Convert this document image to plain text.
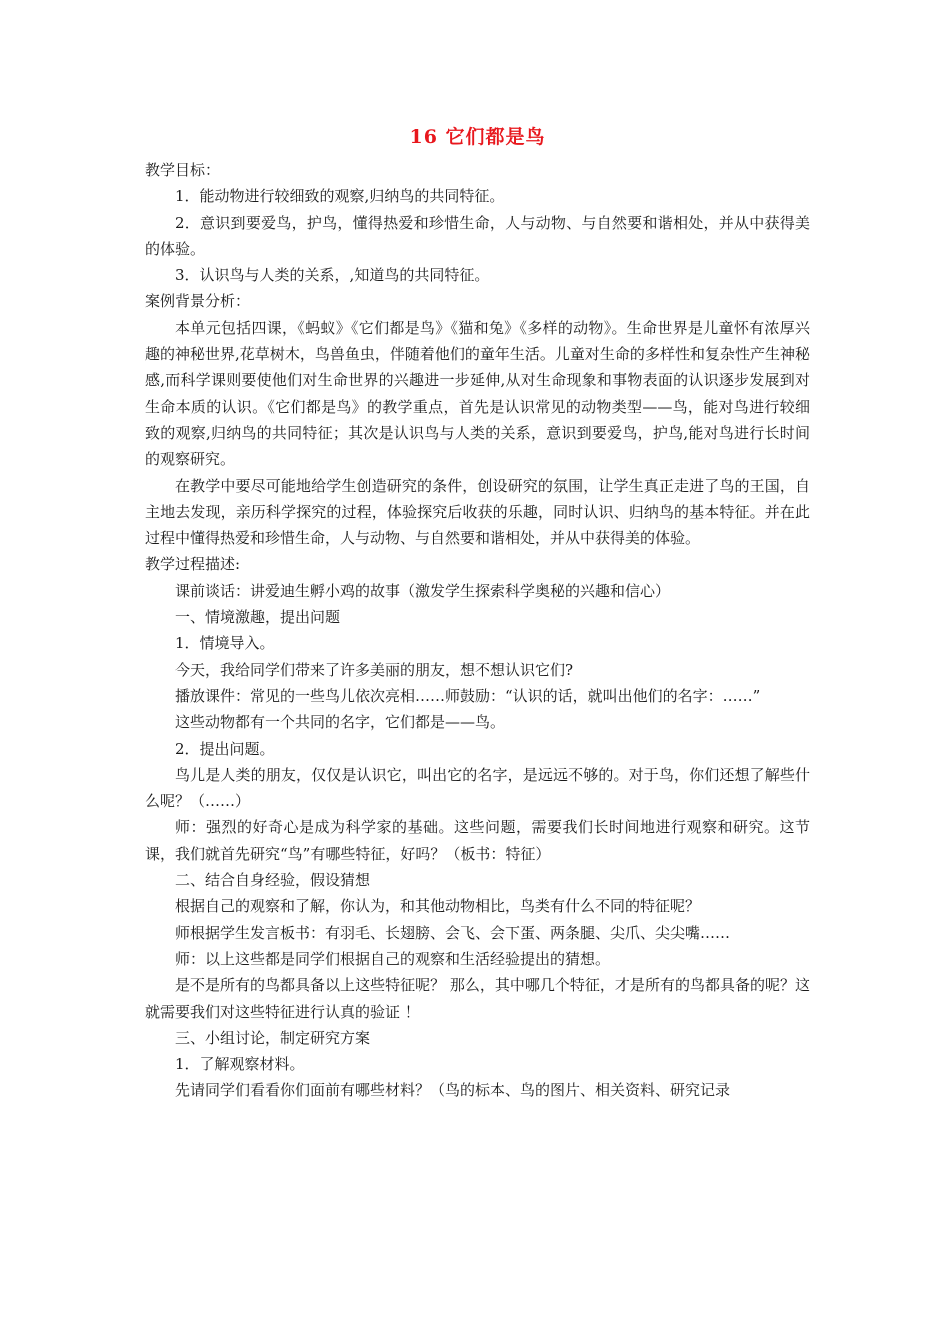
16 它们都是鸟

教学目标：

1．能动物进行较细致的观察,归纳鸟的共同特征。

2．意识到要爱鸟，护鸟，懂得热爱和珍惜生命，人与动物、与自然要和谐相处，并从中获得美的体验。

3．认识鸟与人类的关系，,知道鸟的共同特征。

案例背景分析：

本单元包括四课，《蚂蚁》《它们都是鸟》《猫和兔》《多样的动物》。生命世界是儿童怀有浓厚兴趣的神秘世界,花草树木，鸟兽鱼虫，伴随着他们的童年生活。儿童对生命的多样性和复杂性产生神秘感,而科学课则要使他们对生命世界的兴趣进一步延伸,从对生命现象和事物表面的认识逐步发展到对生命本质的认识。《它们都是鸟》的教学重点，首先是认识常见的动物类型——鸟，能对鸟进行较细致的观察,归纳鸟的共同特征；其次是认识鸟与人类的关系，意识到要爱鸟，护鸟,能对鸟进行长时间的观察研究。

在教学中要尽可能地给学生创造研究的条件，创设研究的氛围，让学生真正走进了鸟的王国，自主地去发现，亲历科学探究的过程，体验探究后收获的乐趣，同时认识、归纳鸟的基本特征。并在此过程中懂得热爱和珍惜生命，人与动物、与自然要和谐相处，并从中获得美的体验。

教学过程描述:

课前谈话：讲爱迪生孵小鸡的故事（激发学生探索科学奥秘的兴趣和信心）

一、情境激趣，提出问题

1．情境导入。

今天，我给同学们带来了许多美丽的朋友，想不想认识它们?

播放课件：常见的一些鸟儿依次亮相……师鼓励：“认识的话，就叫出他们的名字：……”

这些动物都有一个共同的名字，它们都是——鸟。

2．提出问题。

鸟儿是人类的朋友，仅仅是认识它，叫出它的名字，是远远不够的。对于鸟，你们还想了解些什么呢？（……）

师：强烈的好奇心是成为科学家的基础。这些问题，需要我们长时间地进行观察和研究。这节课，我们就首先研究“鸟”有哪些特征，好吗？（板书：特征）

二、结合自身经验，假设猜想

根据自己的观察和了解，你认为，和其他动物相比，鸟类有什么不同的特征呢？

师根据学生发言板书：有羽毛、长翅膀、会飞、会下蛋、两条腿、尖爪、尖尖嘴……

师：以上这些都是同学们根据自己的观察和生活经验提出的猜想。

是不是所有的鸟都具备以上这些特征呢？ 那么，其中哪几个特征，才是所有的鸟都具备的呢？这就需要我们对这些特征进行认真的验证 ！

三、小组讨论，制定研究方案

1．了解观察材料。

先请同学们看看你们面前有哪些材料？（鸟的标本、鸟的图片、相关资料、研究记录
